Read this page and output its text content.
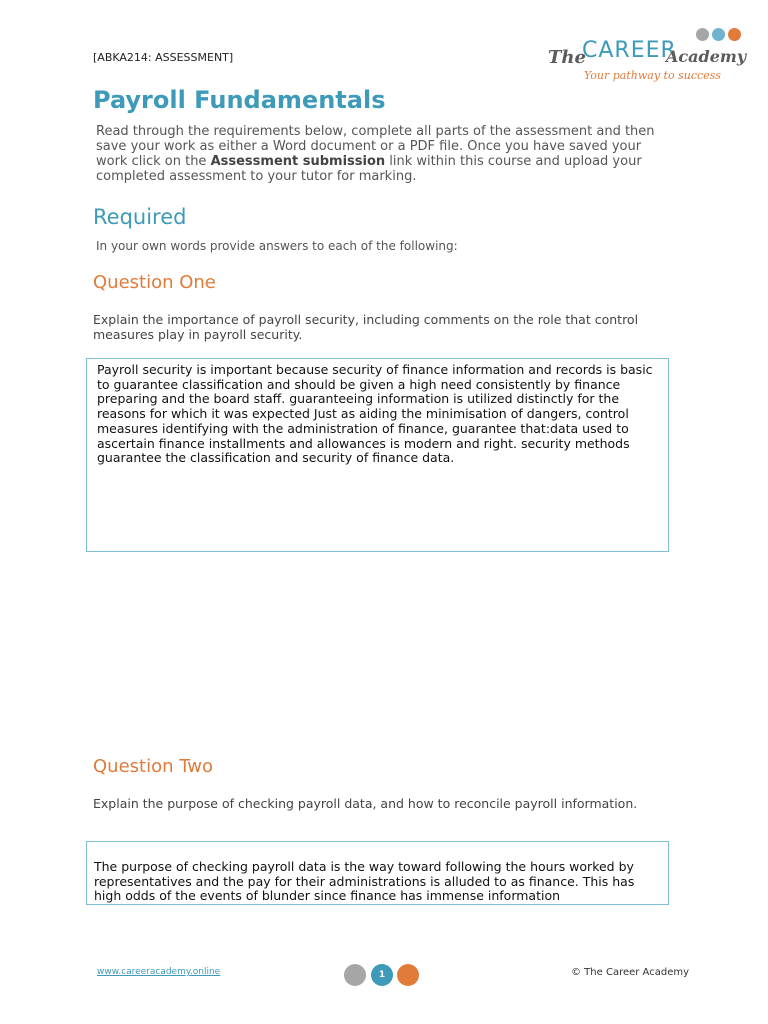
[ABKA214: ASSESSMENT]	The
CAREER
Academy
Your pathway to success
Payroll Fundamentals
Read through the requirements below, complete all parts of the assessment and then save your work as either a Word document or a PDF file. Once you have saved your work click on the Assessment submission link within this course and upload your completed assessment to your tutor for marking.
Required
In your own words provide answers to each of the following:
Question One
Explain the importance of payroll security, including comments on the role that control measures play in payroll security.

Payroll security is important because security of finance information and records is basic to guarantee classification and should be given a high need consistently by finance preparing and the board staff. guaranteeing information is utilized distinctly for the reasons for which it was expected Just as aiding the minimisation of dangers, control measures identifying with the administration of finance, guarantee that:data used to ascertain finance installments and allowances is modern and right. security methods guarantee the classification and security of finance data.

Question Two
Explain the purpose of checking payroll data, and how to reconcile payroll information.

The purpose of checking payroll data is the way toward following the hours worked by representatives and the pay for their administrations is alluded to as finance. This has high odds of the events of blunder since finance has immense information

www.careeracademy.online	1	© The Career Academy
